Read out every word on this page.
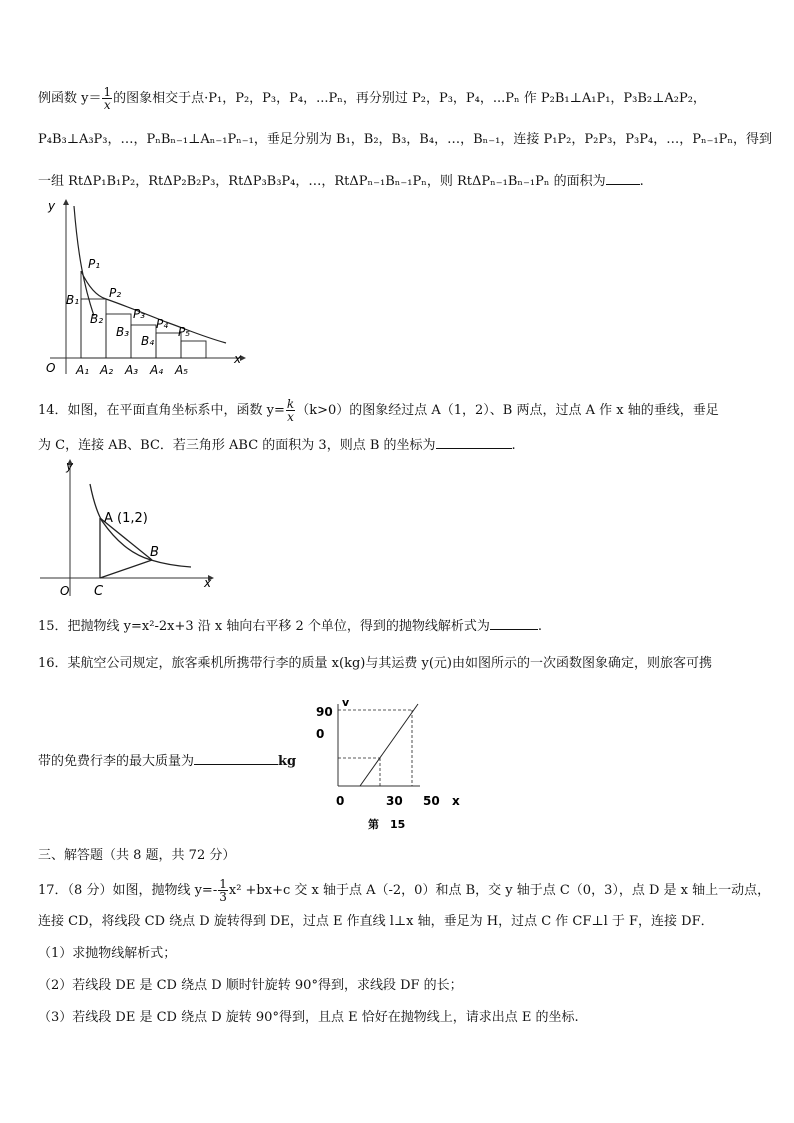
例函数 $y= \frac{1}{x}$ 的图象相交于点·P₁，P₂，P₃，P₄，...Pₙ，再分别过 P₂，P₃，P₄，...Pₙ 作 P₂B₁⊥A₁P₁，P₃B₂⊥A₂P₂，
P₄B₃⊥A₃P₃，…，PₙBₙ₋₁⊥Aₙ₋₁Pₙ₋₁，垂足分别为 B₁，B₂，B₃，B₄，…，Bₙ₋₁，连接 P₁P₂，P₂P₃，P₃P₄，…，Pₙ₋₁Pₙ，得到
一组 RtΔP₁B₁P₂，RtΔP₂B₂P₃，RtΔP₃B₃P₄，…，RtΔPₙ₋₁Bₙ₋₁Pₙ，则 RtΔPₙ₋₁Bₙ₋₁Pₙ 的面积为	.
y
x
O
P₁
P₂
P₃
P₄
P₅
B₁
B₂
B₃
B₄
A₁ A₂ A₃ A₄ A₅
14．如图，在平面直角坐标系中，函数 $y= \frac{k}{x} (k>0)$的图象经过点 A（1，2）、B 两点，过点 A 作 x 轴的垂线，垂足
为 C，连接 AB、BC．若三角形 ABC 的面积为 3，则点 B 的坐标为	.
y
x
O
A (1,2)
B
C
15．把抛物线 y=x²-2x+3 沿 x 轴向右平移 2 个单位，得到的抛物线解析式为	.
16．某航空公司规定，旅客乘机所携带行李的质量 x(kg)与其运费 y(元)由如图所示的一次函数图象确定，则旅客可携
带的免费行李的最大质量为	kg
v
90
0
0	30 50 x
第　15
三、解答题（共 8 题，共 72 分）
17．（8 分）如图，抛物线 $y=- \frac{1}{3} x^2 +bx+c$ 交 x 轴于点 A（-2，0）和点 B，交 y 轴于点 C（0，3），点 D 是 x 轴上一动点，
连接 CD，将线段 CD 绕点 D 旋转得到 DE，过点 E 作直线 l⊥x 轴，垂足为 H，过点 C 作 CF⊥l 于 F，连接 DF．
（1）求抛物线解析式；
（2）若线段 DE 是 CD 绕点 D 顺时针旋转 90°得到，求线段 DF 的长；
（3）若线段 DE 是 CD 绕点 D 旋转 90°得到，且点 E 恰好在抛物线上，请求出点 E 的坐标.
